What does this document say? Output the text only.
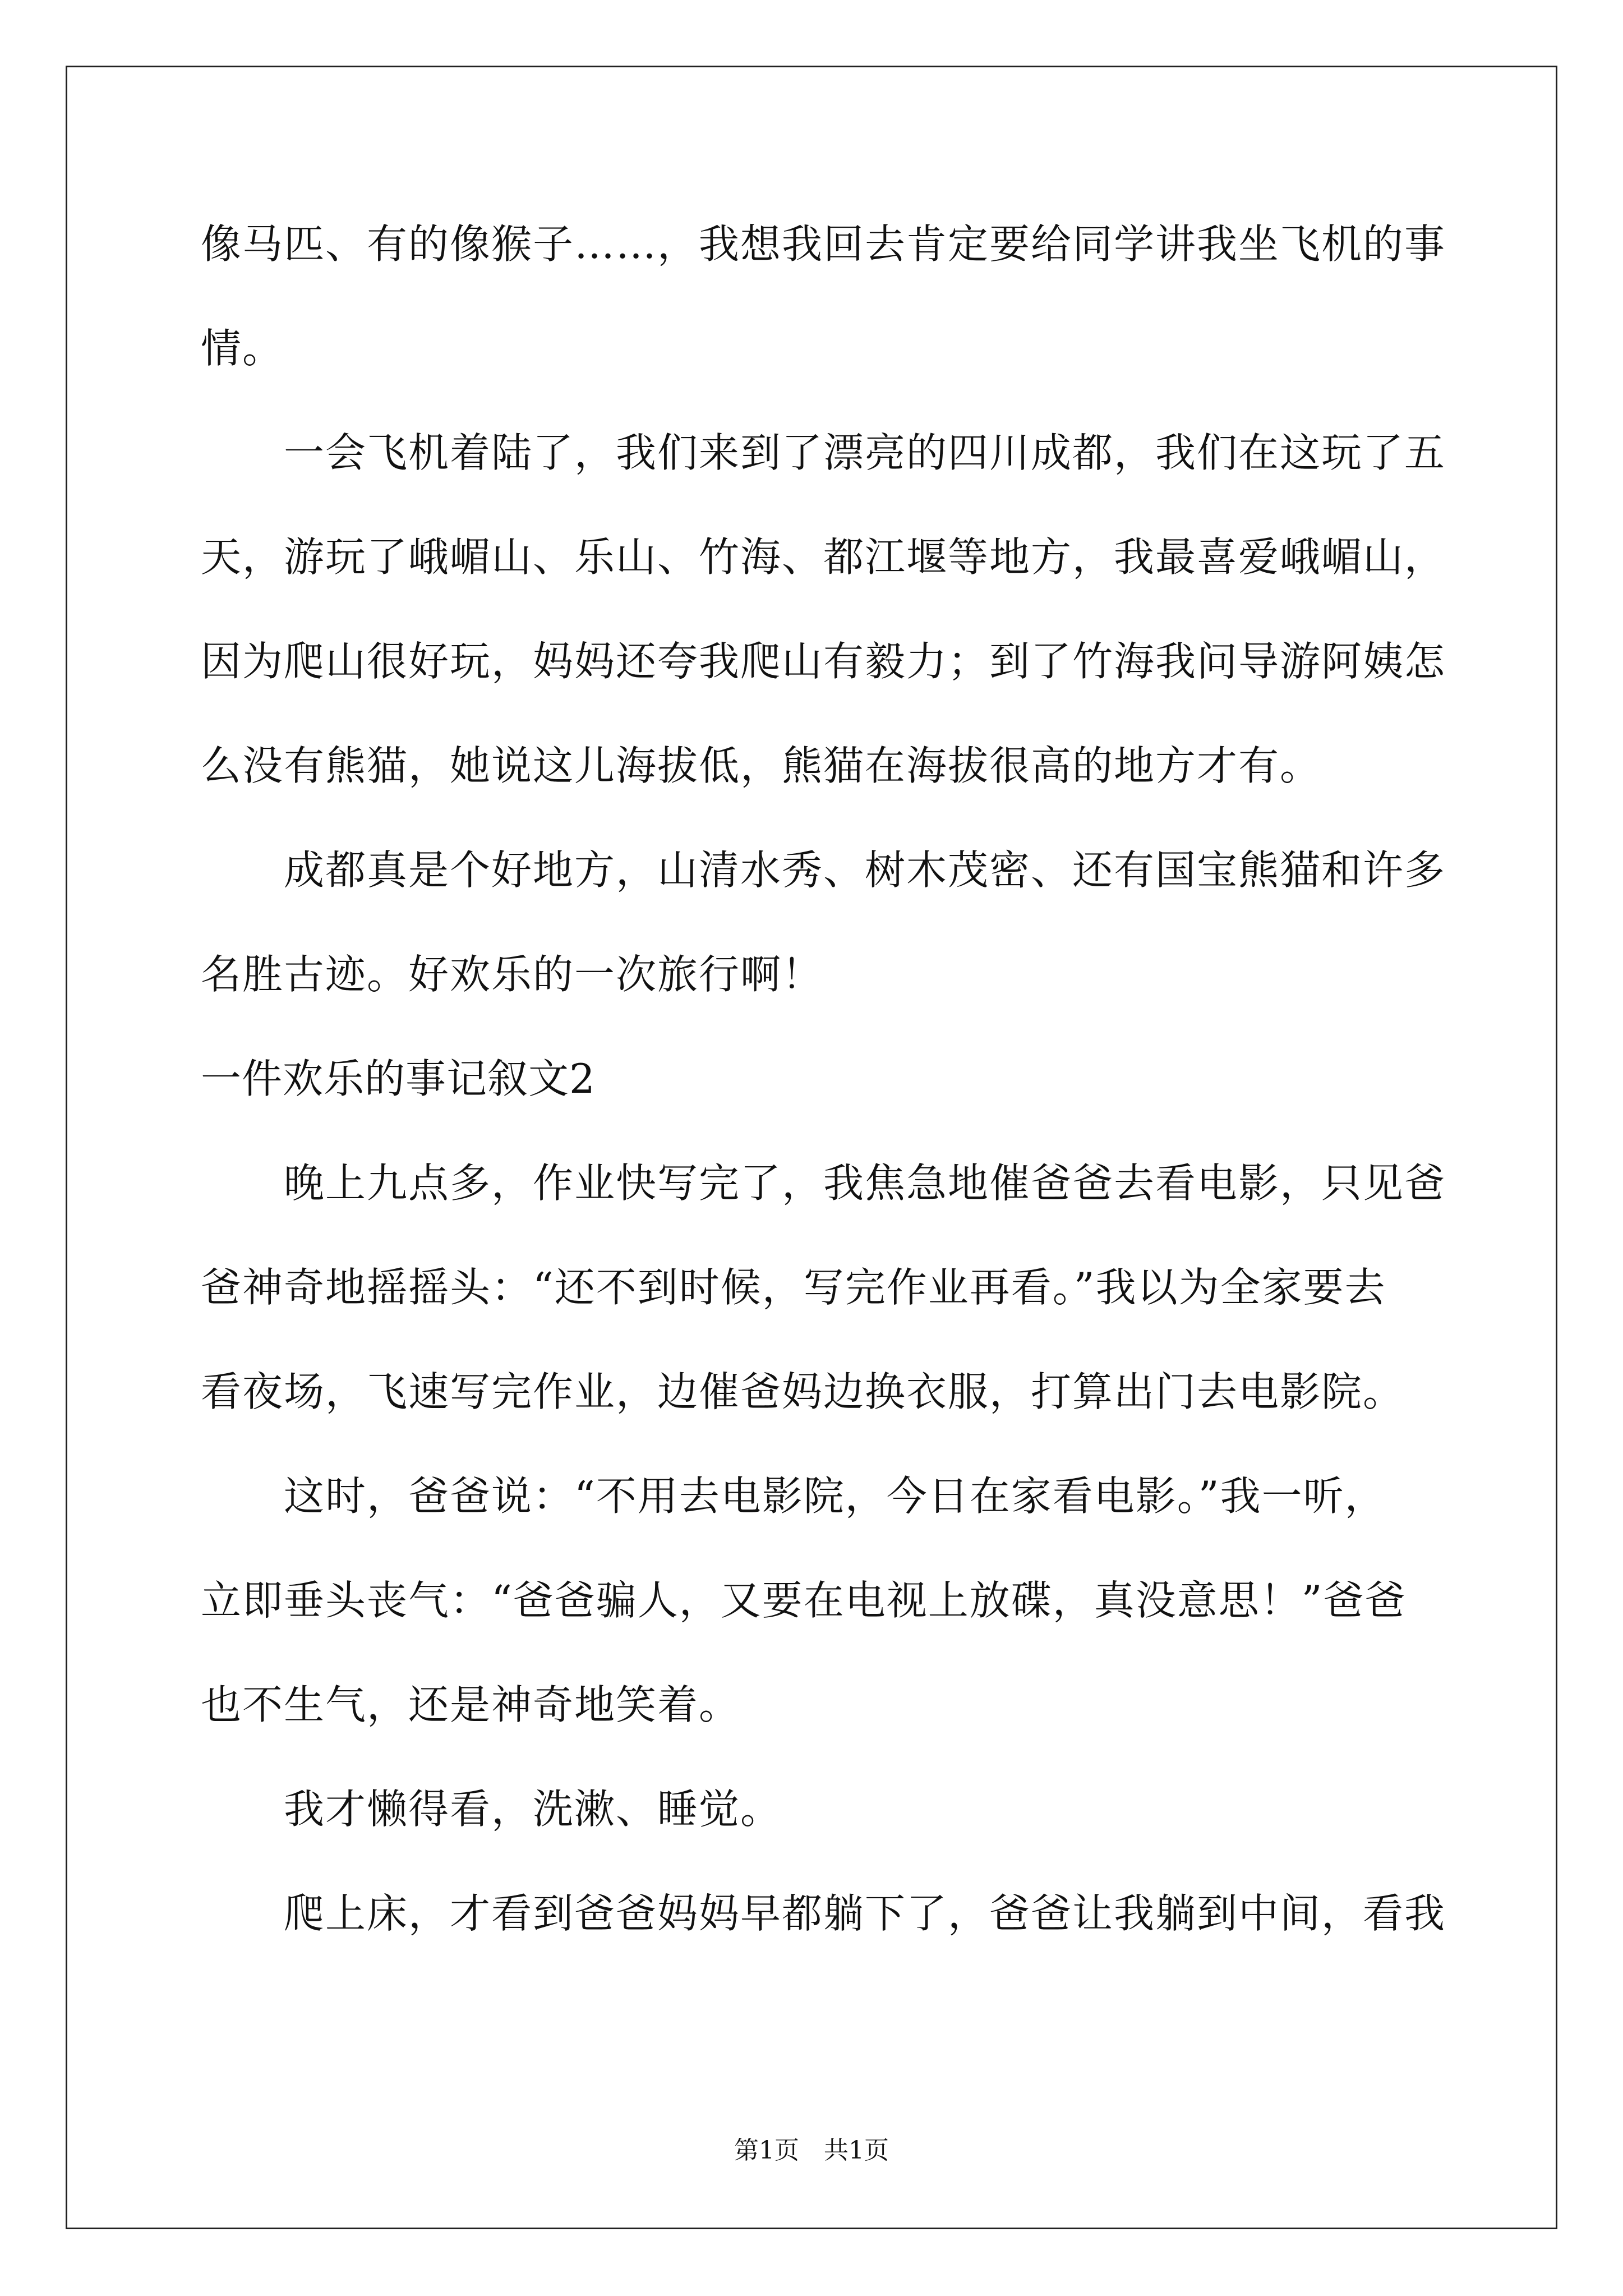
像马匹、有的像猴子……，我想我回去肯定要给同学讲我坐飞机的事
情。
一会飞机着陆了，我们来到了漂亮的四川成都，我们在这玩了五
天，游玩了峨嵋山、乐山、竹海、都江堰等地方，我最喜爱峨嵋山，
因为爬山很好玩，妈妈还夸我爬山有毅力；到了竹海我问导游阿姨怎
么没有熊猫，她说这儿海拔低，熊猫在海拔很高的地方才有。
成都真是个好地方，山清水秀、树木茂密、还有国宝熊猫和许多
名胜古迹。好欢乐的一次旅行啊！
一件欢乐的事记叙文2
晚上九点多，作业快写完了，我焦急地催爸爸去看电影，只见爸
爸神奇地摇摇头：“还不到时候，写完作业再看。”我以为全家要去
看夜场，飞速写完作业，边催爸妈边换衣服，打算出门去电影院。
这时，爸爸说：“不用去电影院，今日在家看电影。”我一听，
立即垂头丧气：“爸爸骗人，又要在电视上放碟，真没意思！”爸爸
也不生气，还是神奇地笑着。
我才懒得看，洗漱、睡觉。
爬上床，才看到爸爸妈妈早都躺下了，爸爸让我躺到中间，看我
第1页 共1页
